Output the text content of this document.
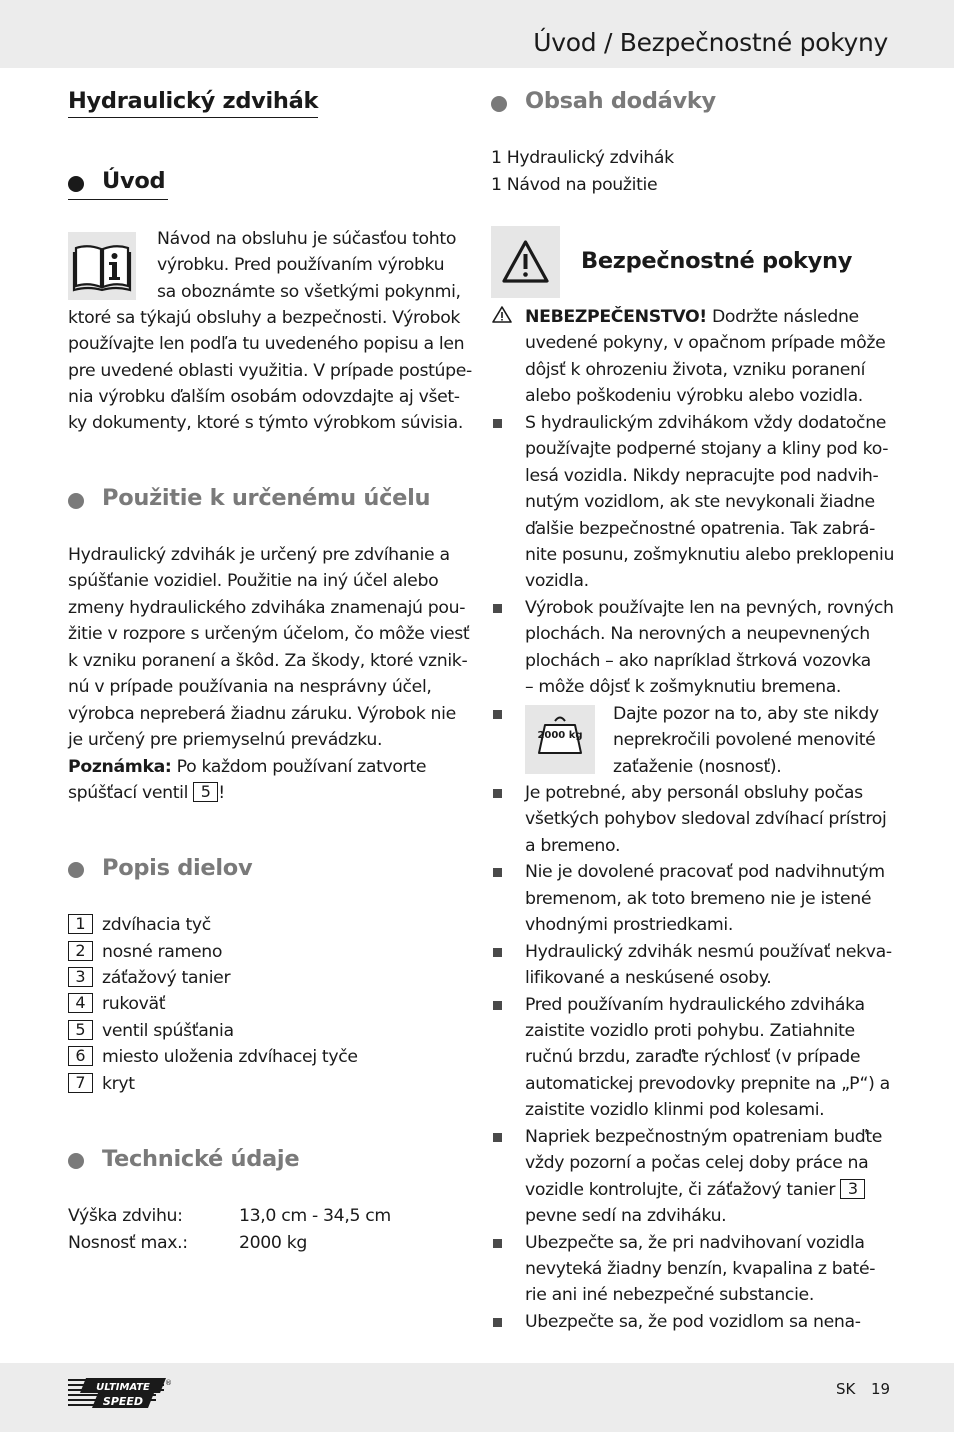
Úvod / Bezpečnostné pokyny
Hydraulický zdvihák
Úvod
Návod na obsluhu je súčasťou tohto
výrobku. Pred používaním výrobku
sa oboznámte so všetkými pokynmi,
ktoré sa týkajú obsluhy a bezpečnosti. Výrobok
používajte len podľa tu uvedeného popisu a len
pre uvedené oblasti využitia. V prípade postúpe-
nia výrobku ďalším osobám odovzdajte aj všet-
ky dokumenty, ktoré s týmto výrobkom súvisia.
Použitie k určenému účelu
Hydraulický zdvihák je určený pre zdvíhanie a
spúšťanie vozidiel. Použitie na iný účel alebo
zmeny hydraulického zdviháka znamenajú pou-
žitie v rozpore s určeným účelom, čo môže viesť
k vzniku poranení a škôd. Za škody, ktoré vznik-
nú v prípade používania na nesprávny účel,
výrobca nepreberá žiadnu záruku. Výrobok nie
je určený pre priemyselnú prevádzku.
Poznámka: Po každom používaní zatvorte
spúšťací ventil 5 !
Popis dielov
1 zdvíhacia tyč
2 nosné rameno
3 záťažový tanier
4 rukoväť
5 ventil spúšťania
6 miesto uloženia zdvíhacej tyče
7 kryt
Technické údaje
Výška zdvihu:	13,0 cm - 34,5 cm
Nosnosť max.:	2000 kg
Obsah dodávky
1 Hydraulický zdvihák
1 Návod na použitie
Bezpečnostné pokyny
NEBEZPEČENSTVO! Dodržte následne
uvedené pokyny, v opačnom prípade môže
dôjsť k ohrozeniu života, vzniku poranení
alebo poškodeniu výrobku alebo vozidla.
S hydraulickým zdvihákom vždy dodatočne
používajte podperné stojany a kliny pod ko-
lesá vozidla. Nikdy nepracujte pod nadvih-
nutým vozidlom, ak ste nevykonali žiadne
ďalšie bezpečnostné opatrenia. Tak zabrá-
nite posunu, zošmyknutiu alebo preklopeniu
vozidla.
Výrobok používajte len na pevných, rovných
plochách. Na nerovných a neupevnených
plochách – ako napríklad štrková vozovka
– môže dôjsť k zošmyknutiu bremena.
2000 kg
Dajte pozor na to, aby ste nikdy
neprekročili povolené menovité
zaťaženie (nosnosť).
Je potrebné, aby personál obsluhy počas
všetkých pohybov sledoval zdvíhací prístroj
a bremeno.
Nie je dovolené pracovať pod nadvihnutým
bremenom, ak toto bremeno nie je istené
vhodnými prostriedkami.
Hydraulický zdvihák nesmú používať nekva-
lifikované a neskúsené osoby.
Pred používaním hydraulického zdviháka
zaistite vozidlo proti pohybu. Zatiahnite
ručnú brzdu, zaraďte rýchlosť (v prípade
automatickej prevodovky prepnite na „P“) a
zaistite vozidlo klinmi pod kolesami.
Napriek bezpečnostným opatreniam buďte
vždy pozorní a počas celej doby práce na
vozidle kontrolujte, či záťažový tanier 3
pevne sedí na zdviháku.
Ubezpečte sa, že pri nadvihovaní vozidla
nevyteká žiadny benzín, kvapalina z baté-
rie ani iné nebezpečné substancie.
Ubezpečte sa, že pod vozidlom sa nena-
ULTIMATE
SPEED
®	SK 19
